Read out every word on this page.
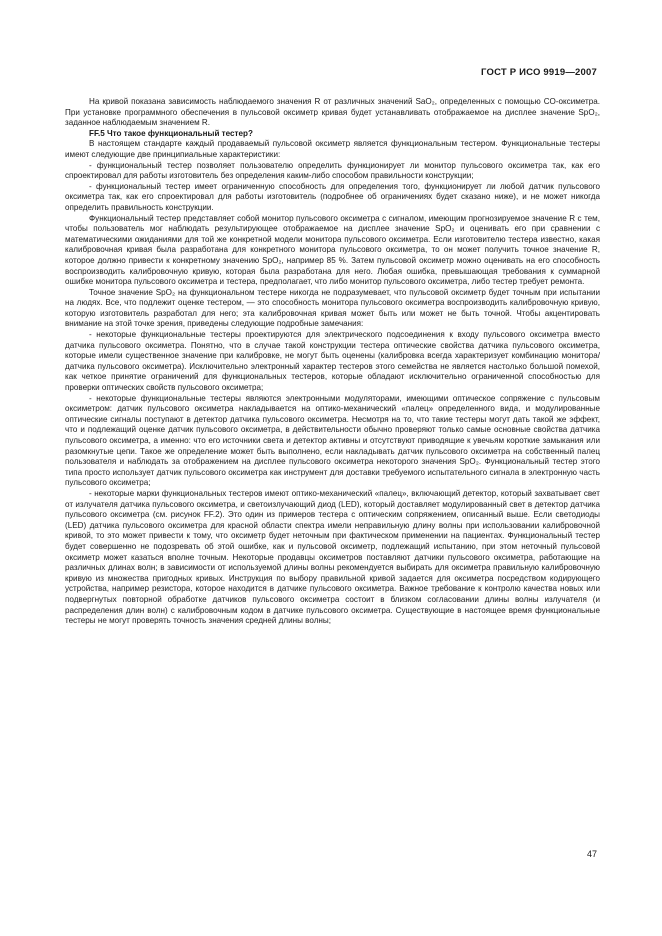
ГОСТ Р ИСО 9919—2007

На кривой показана зависимость наблюдаемого значения R от различных значений SaO₂, определенных с помощью CO-оксиметра. При установке программного обеспечения в пульсовой оксиметр кривая будет устанавливать отображаемое на дисплее значение SpO₂, заданное наблюдаемым значением R.

FF.5 Что такое функциональный тестер?

В настоящем стандарте каждый продаваемый пульсовой оксиметр является функциональным тестером. Функциональные тестеры имеют следующие две принципиальные характеристики:

- функциональный тестер позволяет пользователю определить функционирует ли монитор пульсового оксиметра так, как его спроектировал для работы изготовитель без определения каким-либо способом правильности конструкции;

- функциональный тестер имеет ограниченную способность для определения того, функционирует ли любой датчик пульсового оксиметра так, как его спроектировал для работы изготовитель (подробнее об ограничениях будет сказано ниже), и не может никогда определить правильность конструкции.

Функциональный тестер представляет собой монитор пульсового оксиметра с сигналом, имеющим прогнозируемое значение R с тем, чтобы пользователь мог наблюдать результирующее отображаемое на дисплее значение SpO₂ и оценивать его при сравнении с математическими ожиданиями для той же конкретной модели монитора пульсового оксиметра. Если изготовителю тестера известно, какая калибровочная кривая была разработана для конкретного монитора пульсового оксиметра, то он может получить точное значение R, которое должно привести к конкретному значению SpO₂, например 85 %. Затем пульсовой оксиметр можно оценивать на его способность воспроизводить калибровочную кривую, которая была разработана для него. Любая ошибка, превышающая требования к суммарной ошибке монитора пульсового оксиметра и тестера, предполагает, что либо монитор пульсового оксиметра, либо тестер требует ремонта.

Точное значение SpO₂ на функциональном тестере никогда не подразумевает, что пульсовой оксиметр будет точным при испытании на людях. Все, что подлежит оценке тестером, — это способность монитора пульсового оксиметра воспроизводить калибровочную кривую, которую изготовитель разработал для него; эта калибровочная кривая может быть или может не быть точной. Чтобы акцентировать внимание на этой точке зрения, приведены следующие подробные замечания:

- некоторые функциональные тестеры проектируются для электрического подсоединения к входу пульсового оксиметра вместо датчика пульсового оксиметра. Понятно, что в случае такой конструкции тестера оптические свойства датчика пульсового оксиметра, которые имели существенное значение при калибровке, не могут быть оценены (калибровка всегда характеризует комбинацию монитора/датчика пульсового оксиметра). Исключительно электронный характер тестеров этого семейства не является настолько большой помехой, как четкое принятие ограничений для функциональных тестеров, которые обладают исключительно ограниченной способностью для проверки оптических свойств пульсового оксиметра;

- некоторые функциональные тестеры являются электронными модуляторами, имеющими оптическое сопряжение с пульсовым оксиметром: датчик пульсового оксиметра накладывается на оптико-механический «палец» определенного вида, и модулированные оптические сигналы поступают в детектор датчика пульсового оксиметра. Несмотря на то, что такие тестеры могут дать такой же эффект, что и подлежащий оценке датчик пульсового оксиметра, в действительности обычно проверяют только самые основные свойства датчика пульсового оксиметра, а именно: что его источники света и детектор активны и отсутствуют приводящие к увечьям короткие замыкания или разомкнутые цепи. Такое же определение может быть выполнено, если накладывать датчик пульсового оксиметра на собственный палец пользователя и наблюдать за отображением на дисплее пульсового оксиметра некоторого значения SpO₂. Функциональный тестер этого типа просто использует датчик пульсового оксиметра как инструмент для доставки требуемого испытательного сигнала в электронную часть пульсового оксиметра;

- некоторые марки функциональных тестеров имеют оптико-механический «палец», включающий детектор, который захватывает свет от излучателя датчика пульсового оксиметра, и светоизлучающий диод (LED), который доставляет модулированный свет в детектор датчика пульсового оксиметра (см. рисунок FF.2). Это один из примеров тестера с оптическим сопряжением, описанный выше. Если светодиоды (LED) датчика пульсового оксиметра для красной области спектра имели неправильную длину волны при использовании калибровочной кривой, то это может привести к тому, что оксиметр будет неточным при фактическом применении на пациентах. Функциональный тестер будет совершенно не подозревать об этой ошибке, как и пульсовой оксиметр, подлежащий испытанию, при этом неточный пульсовой оксиметр может казаться вполне точным. Некоторые продавцы оксиметров поставляют датчики пульсового оксиметра, работающие на различных длинах волн; в зависимости от используемой длины волны рекомендуется выбирать для оксиметра правильную калибровочную кривую из множества пригодных кривых. Инструкция по выбору правильной кривой задается для оксиметра посредством кодирующего устройства, например резистора, которое находится в датчике пульсового оксиметра. Важное требование к контролю качества новых или подвергнутых повторной обработке датчиков пульсового оксиметра состоит в близком согласовании длины волны излучателя (и распределения длин волн) с калибровочным кодом в датчике пульсового оксиметра. Существующие в настоящее время функциональные тестеры не могут проверять точность значения средней длины волны;

47
